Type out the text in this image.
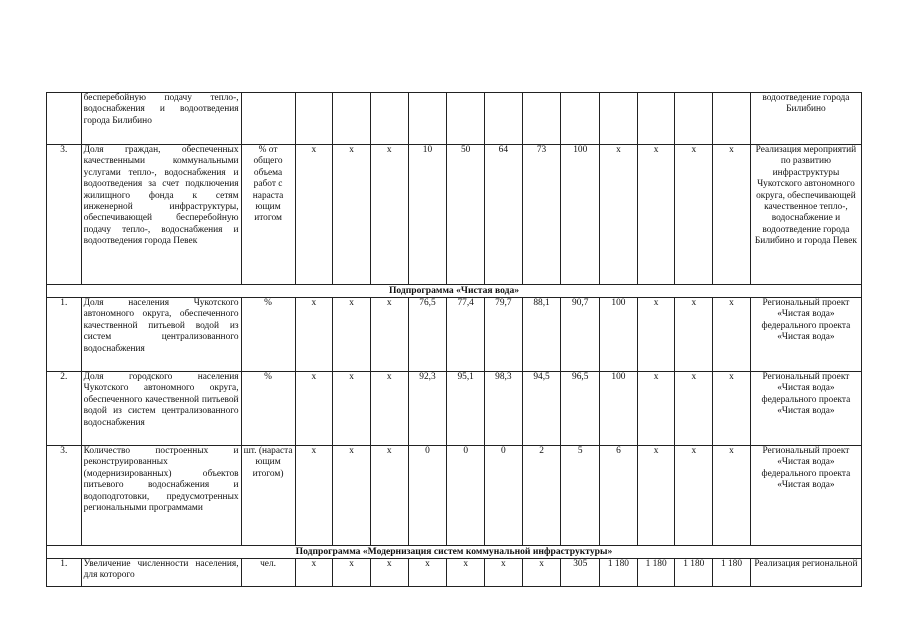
	бесперебойную подачу тепло-, водоснабжения и водоотведения города Билибино														водоотведение города Билибино
3.	Доля граждан, обеспеченных качественными коммунальными услугами тепло-, водоснабжения и водоотведения за счет подключения жилищного фонда к сетям инженерной инфраструктуры, обеспечивающей бесперебойную подачу тепло-, водоснабжения и водоотведения города Певек	% от общего объема работ с нараста ющим итогом	x	x	x	10	50	64	73	100	x	x	x	x	Реализация мероприятий по развитию инфраструктуры Чукотского автономного округа, обеспечивающей качественное тепло-, водоснабжение и водоотведение города Билибино и города Певек
Подпрограмма «Чистая вода»															
1.	Доля населения Чукотского автономного округа, обеспеченного качественной питьевой водой из систем централизованного водоснабжения	%	x	x	x	76,5	77,4	79,7	88,1	90,7	100	x	x	x	Региональный проект «Чистая вода» федерального проекта «Чистая вода»
2.	Доля городского населения Чукотского автономного округа, обеспеченного качественной питьевой водой из систем централизованного водоснабжения	%	x	x	x	92,3	95,1	98,3	94,5	96,5	100	x	x	x	Региональный проект «Чистая вода» федерального проекта «Чистая вода»
3.	Количество построенных и реконструированных (модернизированных) объектов питьевого водоснабжения и водоподготовки, предусмотренных региональными программами	шт. (нараста ющим итогом)	x	x	x	0	0	0	2	5	6	x	x	x	Региональный проект «Чистая вода» федерального проекта «Чистая вода»
Подпрограмма «Модернизация систем коммунальной инфраструктуры»															
1.	Увеличение численности населения, для которого	чел.	x	x	x	x	x	x	x	305	1 180	1 180	1 180	1 180	Реализация региональной
